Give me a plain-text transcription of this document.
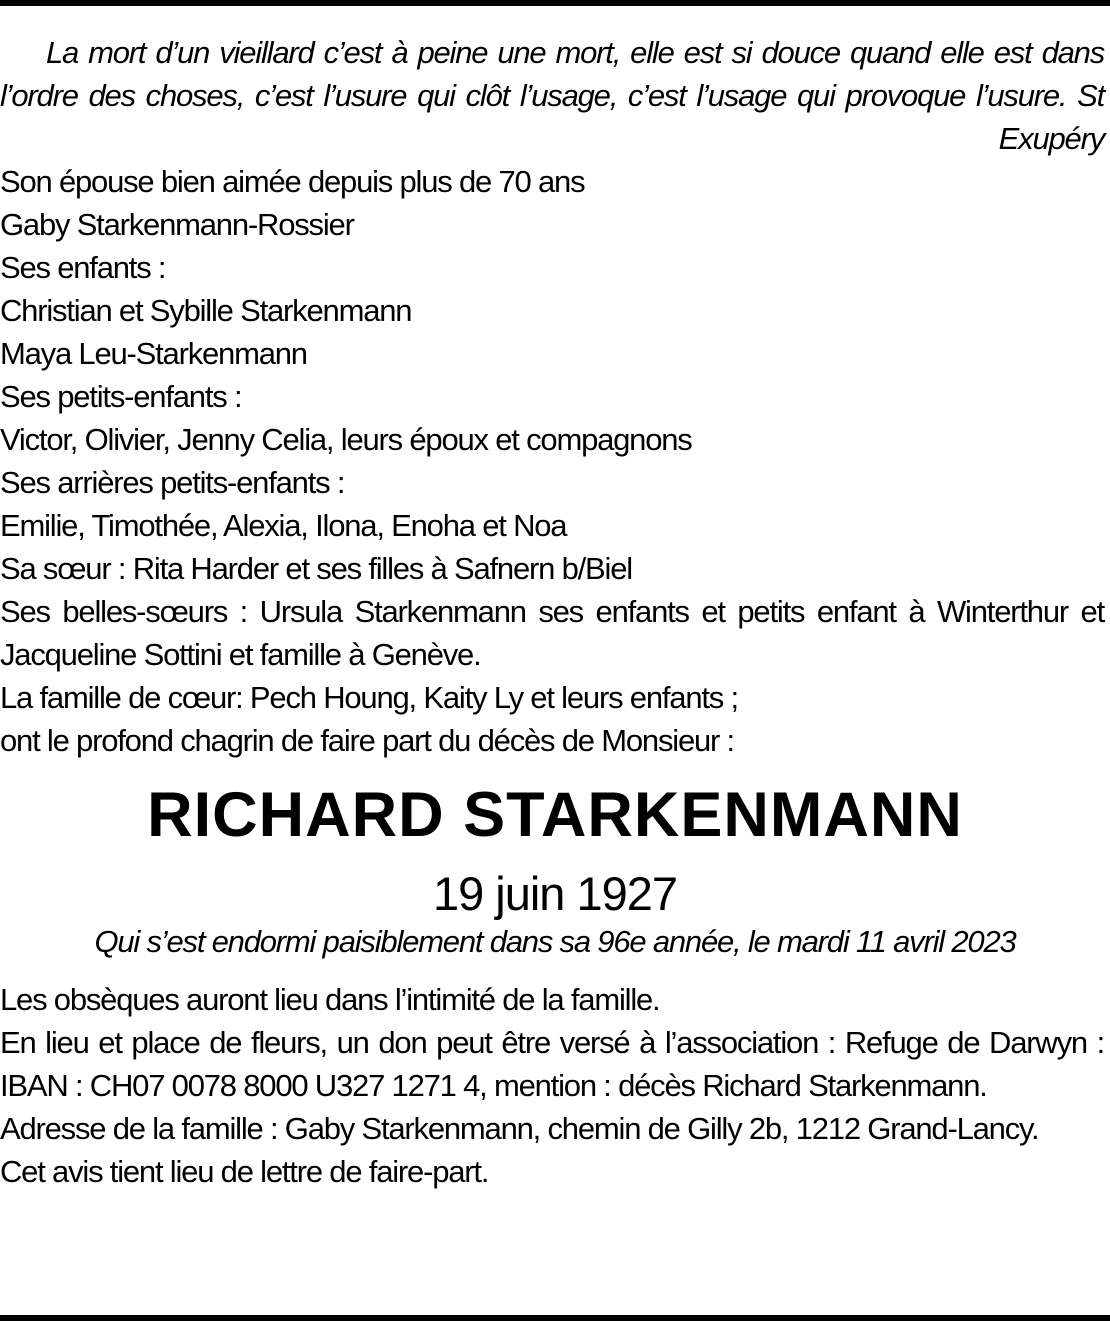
La mort d’un vieillard c’est à peine une mort, elle est si douce quand elle est dans l’ordre des choses, c’est l’usure qui clôt l’usage, c’est l’usage qui provoque l’usure. St Exupéry

Son épouse bien aimée depuis plus de 70 ans
Gaby Starkenmann-Rossier
Ses enfants :
Christian et Sybille Starkenmann
Maya Leu-Starkenmann
Ses petits-enfants :
Victor, Olivier, Jenny Celia, leurs époux et compagnons
Ses arrières petits-enfants :
Emilie, Timothée, Alexia, Ilona, Enoha et Noa
Sa sœur : Rita Harder et ses filles à Safnern b/Biel
Ses belles-sœurs : Ursula Starkenmann ses enfants et petits enfant à Winterthur et Jacqueline Sottini et famille à Genève.
La famille de cœur: Pech Houng, Kaity Ly et leurs enfants ;
ont le profond chagrin de faire part du décès de Monsieur :
RICHARD STARKENMANN
19 juin 1927
Qui s’est endormi paisiblement dans sa 96e année, le mardi 11 avril 2023
Les obsèques auront lieu dans l’intimité de la famille.
En lieu et place de fleurs, un don peut être versé à l’association : Refuge de Darwyn : IBAN : CH07 0078 8000 U327 1271 4, mention : décès Richard Starkenmann.
Adresse de la famille : Gaby Starkenmann, chemin de Gilly 2b, 1212 Grand-Lancy.
Cet avis tient lieu de lettre de faire-part.
